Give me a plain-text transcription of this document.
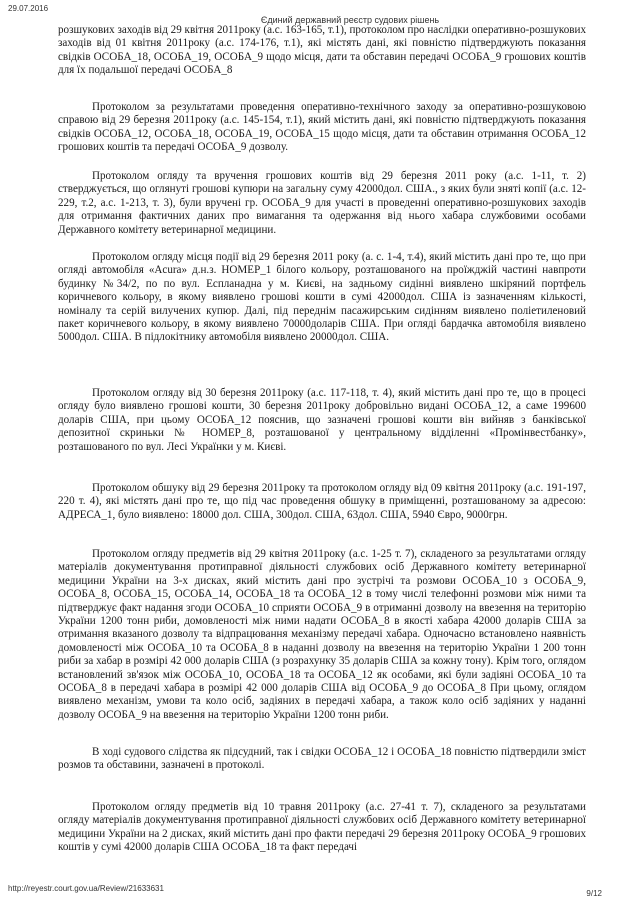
29.07.2016
Єдиний державний реєстр судових рішень

розшукових заходів від 29 квітня 2011року (а.с. 163-165, т.1), протоколом про наслідки оперативно-розшукових заходів від 01 квітня 2011року (а.с. 174-176, т.1), які містять дані, які повністю підтверджують показання свідків ОСОБА_18, ОСОБА_19, ОСОБА_9 щодо місця, дати та обставин передачі ОСОБА_9 грошових коштів для їх подальшої передачі ОСОБА_8

Протоколом за результатами проведення оперативно-технічного заходу за оперативно-розшуковою справою від 29 березня 2011року (а.с. 145-154, т.1), який містить дані, які повністю підтверджують показання свідків ОСОБА_12, ОСОБА_18, ОСОБА_19, ОСОБА_15 щодо місця, дати та обставин отримання ОСОБА_12 грошових коштів та передачі ОСОБА_9 дозволу.

Протоколом огляду та вручення грошових коштів від 29 березня 2011 року (а.с. 1-11, т. 2) стверджується, що оглянуті грошові купюри на загальну суму 42000дол. США., з яких були зняті копії (а.с. 12-229, т.2, а.с. 1-213, т. 3), були вручені гр. ОСОБА_9 для участі в проведенні оперативно-розшукових заходів для отримання фактичних даних про вимагання та одержання від нього хабара службовими особами Державного комітету ветеринарної медицини.

Протоколом огляду місця події від 29 березня 2011 року (а. с. 1-4, т.4), який містить дані про те, що при огляді автомобіля «Acura» д.н.з. НОМЕР_1 білого кольору, розташованого на проїжджій частині навпроти будинку №34/2, по по вул. Еспланадна у м. Києві, на задньому сидінні виявлено шкіряний портфель коричневого кольору, в якому виявлено грошові кошти в сумі 42000дол. США із зазначенням кількості, номіналу та серій вилучених купюр. Далі, під переднім пасажирським сидінням виявлено поліетиленовий пакет коричневого кольору, в якому виявлено 70000доларів США. При огляді бардачка автомобіля виявлено 5000дол. США. В підлокітнику автомобіля виявлено 20000дол. США.

Протоколом огляду від 30 березня 2011року (а.с. 117-118, т. 4), який містить дані про те, що в процесі огляду було виявлено грошові кошти, 30 березня 2011року добровільно видані ОСОБА_12, а саме 199600 доларів США, при цьому ОСОБА_12 пояснив, що зазначені грошові кошти він вийняв з банківської депозитної скриньки № НОМЕР_8, розташованої у центральному відділенні «Промінвестбанку», розташованого по вул. Лесі Українки у м. Києві.

Протоколом обшуку від 29 березня 2011року та протоколом огляду від 09 квітня 2011року (а.с. 191-197, 220 т. 4), які містять дані про те, що під час проведення обшуку в приміщенні, розташованому за адресою: АДРЕСА_1, було виявлено: 18000 дол. США, 300дол. США, 63дол. США, 5940 Євро, 9000грн.

Протоколом огляду предметів від 29 квітня 2011року (а.с. 1-25 т. 7), складеного за результатами огляду матеріалів документування протиправної діяльності службових осіб Державного комітету ветеринарної медицини України на 3-х дисках, який містить дані про зустрічі та розмови ОСОБА_10 з ОСОБА_9, ОСОБА_8, ОСОБА_15, ОСОБА_14, ОСОБА_18 та ОСОБА_12 в тому числі телефонні розмови між ними та підтверджує факт надання згоди ОСОБА_10 сприяти ОСОБА_9 в отриманні дозволу на ввезення на територію України 1200 тонн риби, домовленості між ними надати ОСОБА_8 в якості хабара 42000 доларів США за отримання вказаного дозволу та відпрацювання механізму передачі хабара. Одночасно встановлено наявність домовленості між ОСОБА_10 та ОСОБА_8 в наданні дозволу на ввезення на територію України 1 200 тонн риби за хабар в розмірі 42 000 доларів США (з розрахунку 35 доларів США за кожну тону). Крім того, оглядом встановлений зв'язок між ОСОБА_10, ОСОБА_18 та ОСОБА_12 як особами, які були задіяні ОСОБА_10 та ОСОБА_8 в передачі хабара в розмірі 42 000 доларів США від ОСОБА_9 до ОСОБА_8 При цьому, оглядом виявлено механізм, умови та коло осіб, задіяних в передачі хабара, а також коло осіб задіяних у наданні дозволу ОСОБА_9 на ввезення на територію України 1200 тонн риби.

В ході судового слідства як підсудний, так і свідки ОСОБА_12 і ОСОБА_18 повністю підтвердили зміст розмов та обставини, зазначені в протоколі.

Протоколом огляду предметів від 10 травня 2011року (а.с. 27-41 т. 7), складеного за результатами огляду матеріалів документування протиправної діяльності службових осіб Державного комітету ветеринарної медицини України на 2 дисках, який містить дані про факти передачі 29 березня 2011року ОСОБА_9 грошових коштів у сумі 42000 доларів США ОСОБА_18 та факт передачі

http://reyestr.court.gov.ua/Review/21633631
9/12
